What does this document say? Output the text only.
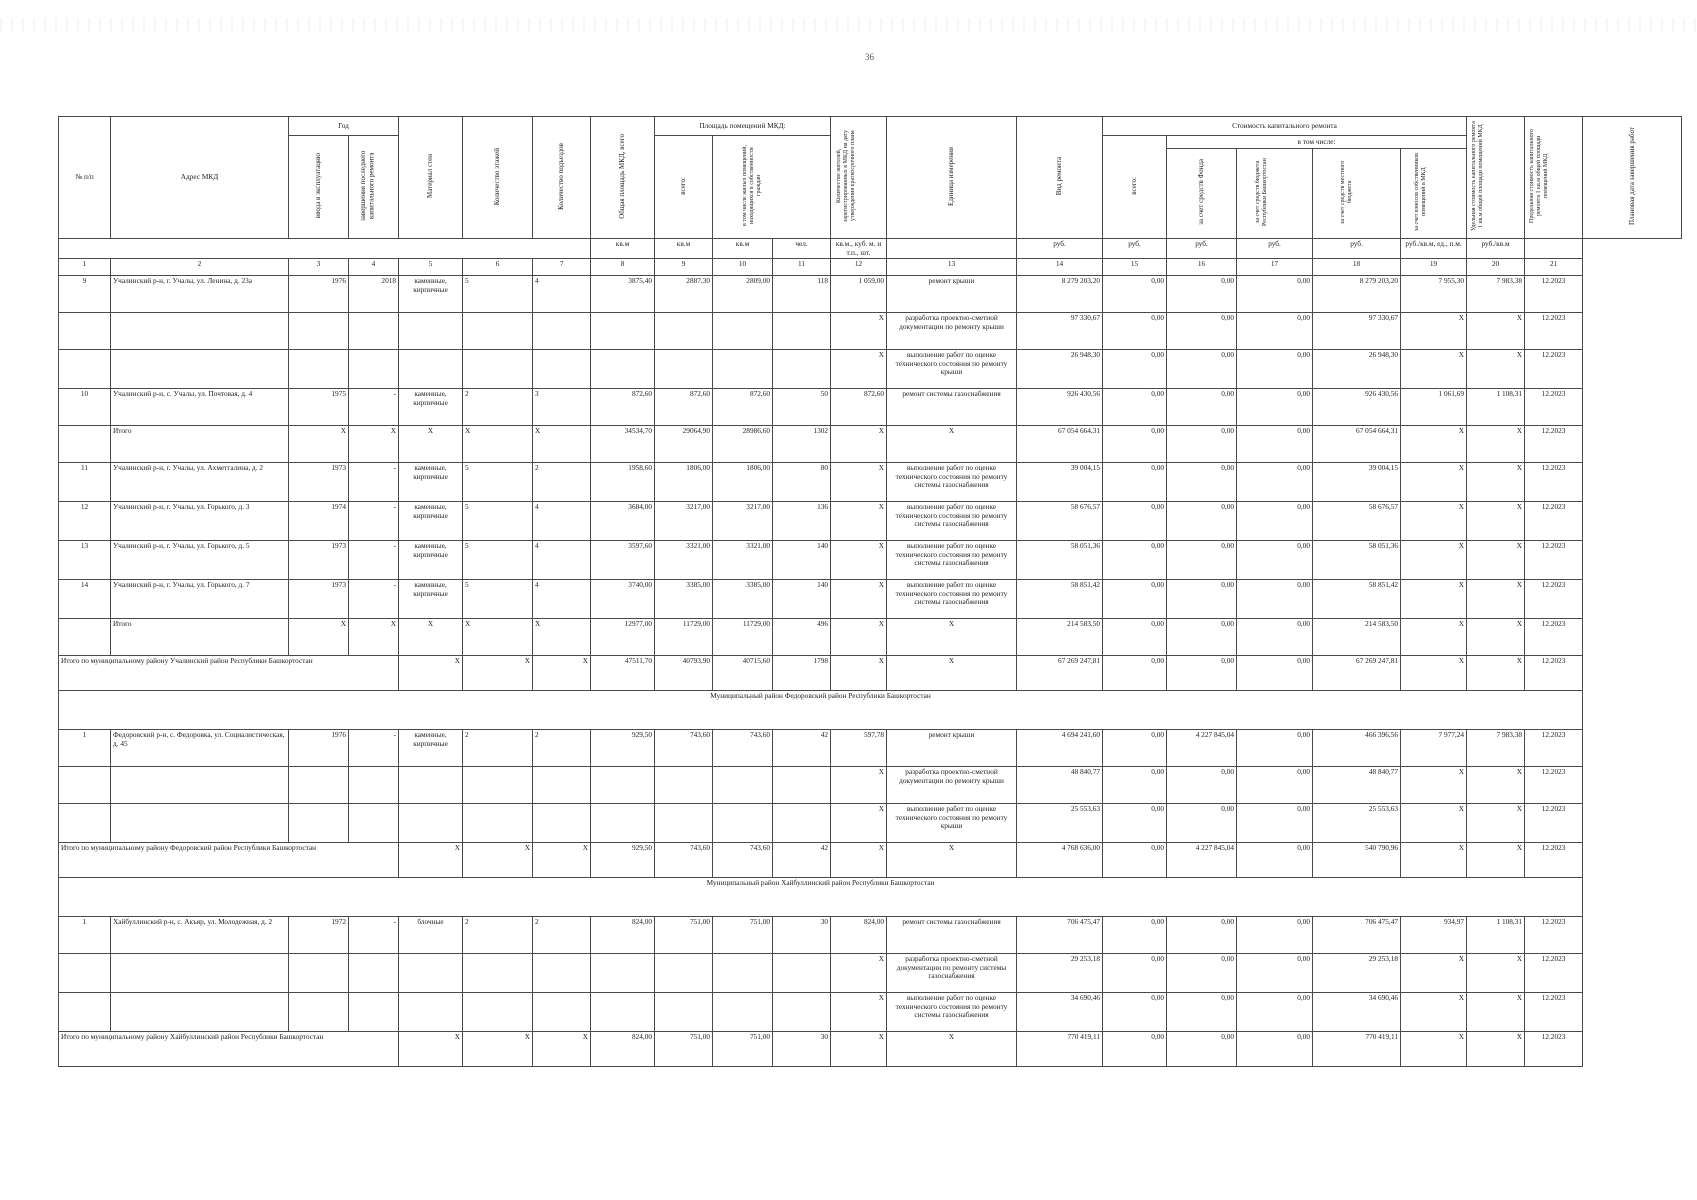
36
№ п/п	Адрес МКД	Год		Материал стен	Количество этажей	Количество подъездов	Общая площадь МКД, всего	Площадь помещений МКД:			Количество жителей, зарегистрированных в МКД на дату утверждения краткосрочного плана	Единица измерения	Вид ремонта	Стоимость капитального ремонта					Удельная стоимость капитального ремонта 1 кв.м общей площади помещений МКД	Предельная стоимость капитального ремонта 1 кв.м общей площади помещений МКД	Плановая дата завершения работ
		ввода в эксплуатацию	завершения последнего капитального ремонта					всего:	в том числе жилых помещений, находящихся в собственности граждан					всего:	в том числе:						
															за счет средств Фонда	за счет средств бюджета Республики Башкортостан	за счет средств местного бюджета	за счет взносов собственников помещений в МКД			
							кв.м	кв.м	кв.м	чел.	кв.м., куб. м. и т.п., шт.		руб.	руб.	руб.	руб.	руб.	руб./кв.м, ед., п.м.	руб./кв.м		
1	2	3	4	5	6	7	8	9	10	11	12	13	14	15	16	17	18	19	20	21	
9	Учалинский р-н, г. Учалы, ул. Ленина, д. 23а	1976	2018	каменные, кирпичные	5	4	3875,40	2887,30	2809,00	118	1 059,00	ремонт крыши	8 279 203,20	0,00	0,00	0,00	8 279 203,20	7 955,30	7 983,38	12.2023	
											X	разработка проектно-сметной документации по ремонту крыши	97 330,67	0,00	0,00	0,00	97 330,67	X	X	12.2023	
											X	выполнение работ по оценке технического состояния по ремонту крыши	26 948,30	0,00	0,00	0,00	26 948,30	X	X	12.2023	
10	Учалинский р-н, с. Учалы, ул. Почтовая, д. 4	1975	-	каменные, кирпичные	2	3	872,60	872,60	872,60	50	872,60	ремонт системы газоснабжения	926 430,56	0,00	0,00	0,00	926 430,56	1 061,69	1 108,31	12.2023	
	Итого	X	X	X	X	X	34534,70	29064,90	28986,60	1302	X	X	67 054 664,31	0,00	0,00	0,00	67 054 664,31	X	X	12.2023	
11	Учалинский р-н, г. Учалы, ул. Ахметгалина, д. 2	1973	-	каменные, кирпичные	5	2	1958,60	1806,00	1806,00	80	X	выполнение работ по оценке технического состояния по ремонту системы газоснабжения	39 004,15	0,00	0,00	0,00	39 004,15	X	X	12.2023	
12	Учалинский р-н, г. Учалы, ул. Горького, д. 3	1974	-	каменные, кирпичные	5	4	3684,00	3217,00	3217,00	136	X	выполнение работ по оценке технического состояния по ремонту системы газоснабжения	58 676,57	0,00	0,00	0,00	58 676,57	X	X	12.2023	
13	Учалинский р-н, г. Учалы, ул. Горького, д. 5	1973	-	каменные, кирпичные	5	4	3597,60	3321,00	3321,00	140	X	выполнение работ по оценке технического состояния по ремонту системы газоснабжения	58 051,36	0,00	0,00	0,00	58 051,36	X	X	12.2023	
14	Учалинский р-н, г. Учалы, ул. Горького, д. 7	1973	-	каменные, кирпичные	5	4	3740,00	3385,00	3385,00	140	X	выполнение работ по оценке технического состояния по ремонту системы газоснабжения	58 851,42	0,00	0,00	0,00	58 851,42	X	X	12.2023	
	Итого	X	X	X	X	X	12977,00	11729,00	11729,00	496	X	X	214 583,50	0,00	0,00	0,00	214 583,50	X	X	12.2023	
Итого по муниципальному району Учалинский район Республики Башкортостан				X	X	X	47511,70	40793,90	40715,60	1798	X	X	67 269 247,81	0,00	0,00	0,00	67 269 247,81	X	X	12.2023	
Муниципальный район Федоровский район Республики Башкортостан																					
1	Федоровский р-н, с. Федоровка, ул. Социалистическая, д. 45	1976	-	каменные, кирпичные	2	2	929,50	743,60	743,60	42	597,78	ремонт крыши	4 694 241,60	0,00	4 227 845,04	0,00	466 396,56	7 977,24	7 983,38	12.2023	
											X	разработка проектно-сметной документации по ремонту крыши	48 840,77	0,00	0,00	0,00	48 840,77	X	X	12.2023	
											X	выполнение работ по оценке технического состояния по ремонту крыши	25 553,63	0,00	0,00	0,00	25 553,63	X	X	12.2023	
Итого по муниципальному району Федоровский район Республики Башкортостан				X	X	X	929,50	743,60	743,60	42	X	X	4 768 636,00	0,00	4 227 845,04	0,00	540 790,96	X	X	12.2023	
Муниципальный район Хайбуллинский район Республики Башкортостан																					
1	Хайбуллинский р-н, с. Акъяр, ул. Молодежная, д. 2	1972	-	блочные	2	2	824,00	751,00	751,00	30	824,00	ремонт системы газоснабжения	706 475,47	0,00	0,00	0,00	706 475,47	934,97	1 108,31	12.2023	
											X	разработка проектно-сметной документации по ремонту системы газоснабжения	29 253,18	0,00	0,00	0,00	29 253,18	X	X	12.2023	
											X	выполнение работ по оценке технического состояния по ремонту системы газоснабжения	34 690,46	0,00	0,00	0,00	34 690,46	X	X	12.2023	
Итого по муниципальному району Хайбуллинский район Республики Башкортостан				X	X	X	824,00	751,00	751,00	30	X	X	770 419,11	0,00	0,00	0,00	770 419,11	X	X	12.2023	
